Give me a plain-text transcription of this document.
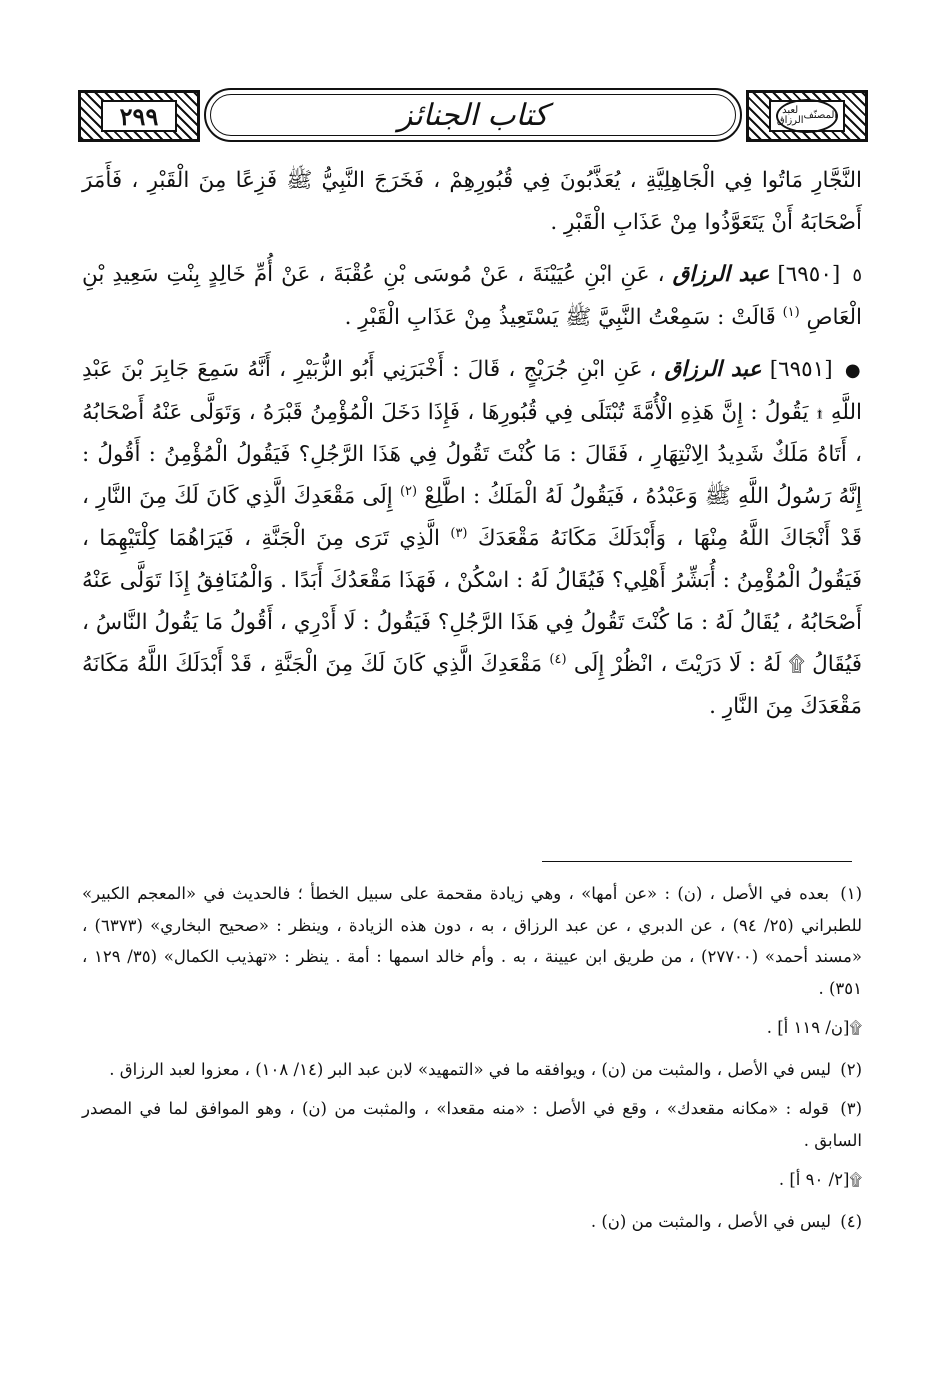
٢٩٩	كتاب الجنائز	المصنّف

لعبد الرزاق

النَّجَّارِ مَاتُوا فِي الْجَاهِلِيَّةِ ، يُعَذَّبُونَ فِي قُبُورِهِمْ ، فَخَرَجَ النَّبِيُّ ﷺ فَزِعًا مِنَ الْقَبْرِ ، فَأَمَرَ أَصْحَابَهُ أَنْ يَتَعَوَّذُوا مِنْ عَذَابِ الْقَبْرِ .

٥ [٦٩٥٠] عبد الرزاق ، عَنِ ابْنِ عُيَيْنَةَ ، عَنْ مُوسَى بْنِ عُقْبَةَ ، عَنْ أُمِّ خَالِدٍ بِنْتِ سَعِيدِ بْنِ الْعَاصِ $^{(١)}$ قَالَتْ : سَمِعْتُ النَّبِيَّ ﷺ يَسْتَعِيذُ مِنْ عَذَابِ الْقَبْرِ .

● [٦٩٥١] عبد الرزاق ، عَنِ ابْنِ جُرَيْجٍ ، قَالَ : أَخْبَرَنِي أَبُو الزُّبَيْرِ ، أَنَّهُ سَمِعَ جَابِرَ بْنَ عَبْدِ اللَّهِ ۩ يَقُولُ : إِنَّ هَذِهِ الْأُمَّةَ تُبْتَلَى فِي قُبُورِهَا ، فَإِذَا دَخَلَ الْمُؤْمِنُ قَبْرَهُ ، وَتَوَلَّى عَنْهُ أَصْحَابُهُ ، أَتَاهُ مَلَكٌ شَدِيدُ الِانْتِهَارِ ، فَقَالَ : مَا كُنْتَ تَقُولُ فِي هَذَا الرَّجُلِ؟ فَيَقُولُ الْمُؤْمِنُ : أَقُولُ : إِنَّهُ رَسُولُ اللَّهِ ﷺ وَعَبْدُهُ ، فَيَقُولُ لَهُ الْمَلَكُ : اطَّلِعْ $^{(٢)}$ إِلَى مَقْعَدِكَ الَّذِي كَانَ لَكَ مِنَ النَّارِ ، قَدْ أَنْجَاكَ اللَّهُ مِنْهَا ، وَأَبْدَلَكَ مَكَانَهُ مَقْعَدَكَ $^{(٣)}$ الَّذِي تَرَى مِنَ الْجَنَّةِ ، فَيَرَاهُمَا كِلْتَيْهِمَا ، فَيَقُولُ الْمُؤْمِنُ : أُبَشِّرُ أَهْلِي؟ فَيُقَالُ لَهُ : اسْكُنْ ، فَهَذَا مَقْعَدُكَ أَبَدًا . وَالْمُنَافِقُ إِذَا تَوَلَّى عَنْهُ أَصْحَابُهُ ، يُقَالُ لَهُ : مَا كُنْتَ تَقُولُ فِي هَذَا الرَّجُلِ؟ فَيَقُولُ : لَا أَدْرِي ، أَقُولُ مَا يَقُولُ النَّاسُ ، فَيُقَالُ ۩ لَهُ : لَا دَرَيْتَ ، انْظُرْ إِلَى $^{(٤)}$ مَقْعَدِكَ الَّذِي كَانَ لَكَ مِنَ الْجَنَّةِ ، قَدْ أَبْدَلَكَ اللَّهُ مَكَانَهُ مَقْعَدَكَ مِنَ النَّارِ .

(١) بعده في الأصل ، (ن) : «عن أمها» ، وهي زيادة مقحمة على سبيل الخطأ ؛ فالحديث في «المعجم الكبير» للطبراني (٢٥/ ٩٤) ، عن الدبري ، عن عبد الرزاق ، به ، دون هذه الزيادة ، وينظر : «صحيح البخاري» (٦٣٧٣) ، «مسند أحمد» (٢٧٧٠٠) ، من طريق ابن عيينة ، به . وأم خالد اسمها : أمة . ينظر : «تهذيب الكمال» (٣٥/ ١٢٩ ، ٣٥١) .

۩[ن/ ١١٩ أ] .

(٢) ليس في الأصل ، والمثبت من (ن) ، ويوافقه ما في «التمهيد» لابن عبد البر (١٤/ ١٠٨) ، معزوا لعبد الرزاق .

(٣) قوله : «مكانه مقعدك» ، وقع في الأصل : «منه مقعدا» ، والمثبت من (ن) ، وهو الموافق لما في المصدر السابق .

۩[٢/ ٩٠ أ] .

(٤) ليس في الأصل ، والمثبت من (ن) .
